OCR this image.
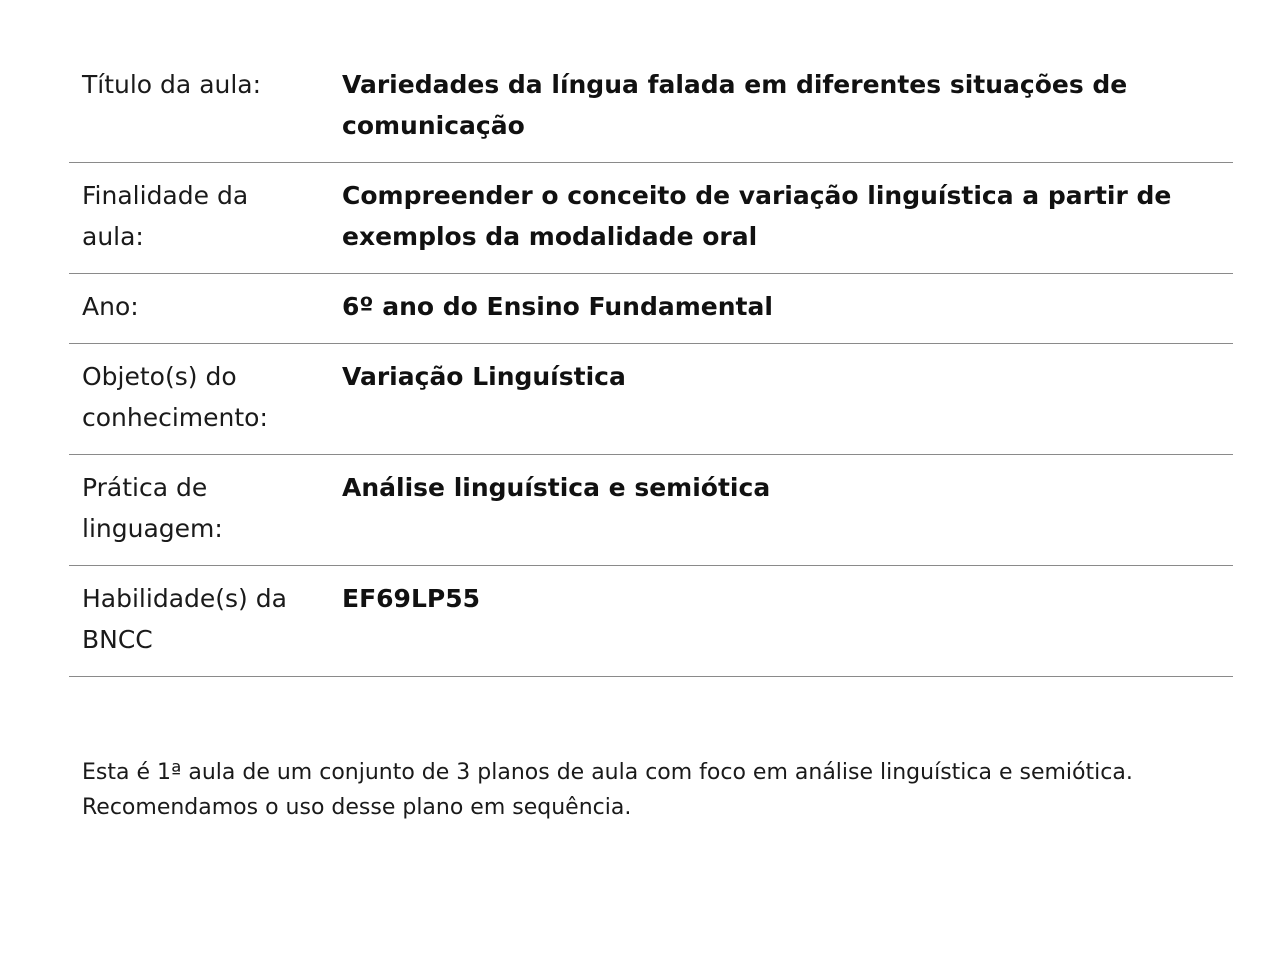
Título da aula:	Variedades da língua falada em diferentes situações de comunicação
Finalidade da aula:	Compreender o conceito de variação linguística a partir de exemplos da modalidade oral
Ano:	6º ano do Ensino Fundamental
Objeto(s) do conhecimento:	Variação Linguística
Prática de linguagem:	Análise linguística e semiótica
Habilidade(s) da BNCC	EF69LP55

Esta é 1ª aula de um conjunto de 3 planos de aula com foco em análise linguística e semiótica. Recomendamos o uso desse plano em sequência.
